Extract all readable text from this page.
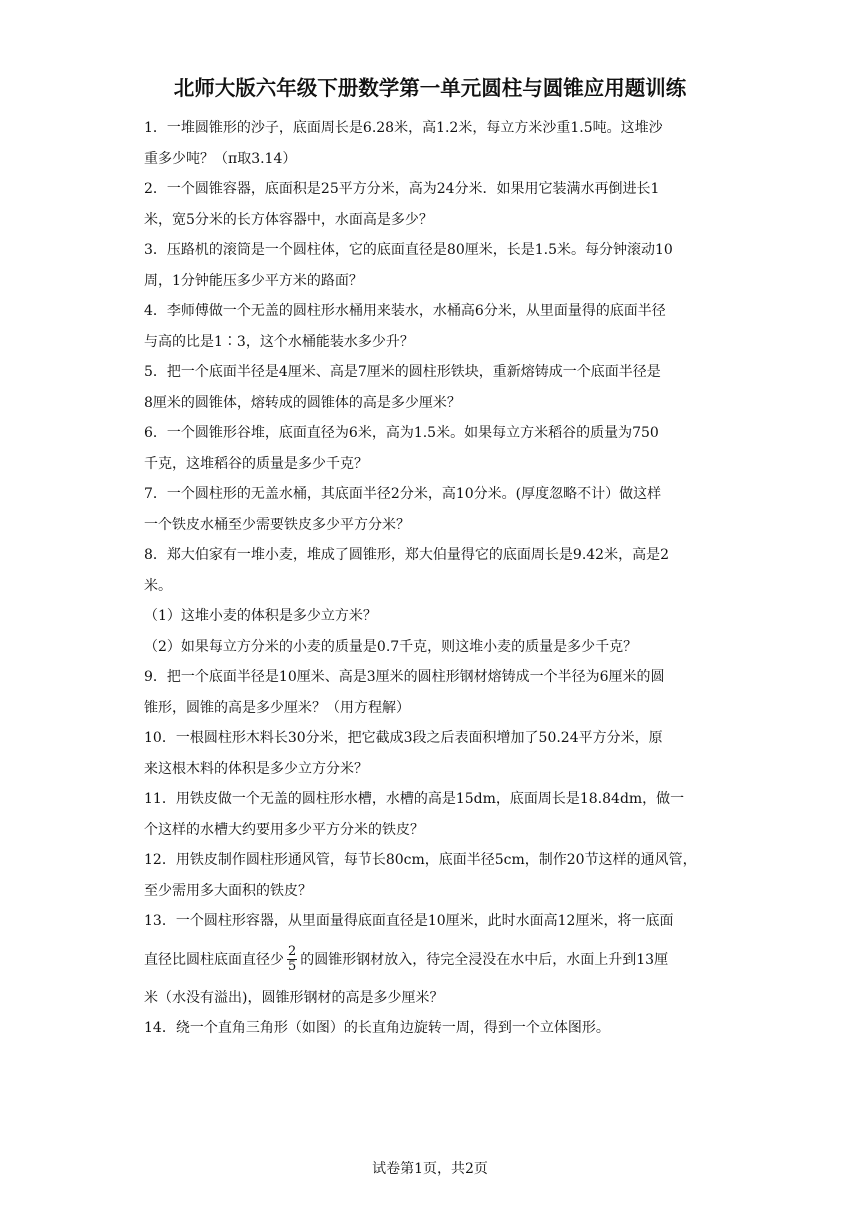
北师大版六年级下册数学第一单元圆柱与圆锥应用题训练
1．一堆圆锥形的沙子，底面周长是6.28米，高1.2米，每立方米沙重1.5吨。这堆沙
重多少吨？（π取3.14）
2．一个圆锥容器，底面积是25平方分米，高为24分米．如果用它装满水再倒进长1
米，宽5分米的长方体容器中，水面高是多少？
3．压路机的滚筒是一个圆柱体，它的底面直径是80厘米，长是1.5米。每分钟滚动10
周，1分钟能压多少平方米的路面？
4．李师傅做一个无盖的圆柱形水桶用来装水，水桶高6分米，从里面量得的底面半径
与高的比是1∶3，这个水桶能装水多少升？
5．把一个底面半径是4厘米、高是7厘米的圆柱形铁块，重新熔铸成一个底面半径是
8厘米的圆锥体，熔转成的圆锥体的高是多少厘米？
6．一个圆锥形谷堆，底面直径为6米，高为1.5米。如果每立方米稻谷的质量为750
千克，这堆稻谷的质量是多少千克？
7．一个圆柱形的无盖水桶，其底面半径2分米，高10分米。(厚度忽略不计）做这样
一个铁皮水桶至少需要铁皮多少平方分米？
8．郑大伯家有一堆小麦，堆成了圆锥形，郑大伯量得它的底面周长是9.42米，高是2
米。
（1）这堆小麦的体积是多少立方米？
（2）如果每立方分米的小麦的质量是0.7千克，则这堆小麦的质量是多少千克？
9．把一个底面半径是10厘米、高是3厘米的圆柱形钢材熔铸成一个半径为6厘米的圆
锥形，圆锥的高是多少厘米？（用方程解）
10．一根圆柱形木料长30分米，把它截成3段之后表面积增加了50.24平方分米，原
来这根木料的体积是多少立方分米？
11．用铁皮做一个无盖的圆柱形水槽，水槽的高是15dm，底面周长是18.84dm，做一
个这样的水槽大约要用多少平方分米的铁皮？
12．用铁皮制作圆柱形通风管，每节长80cm，底面半径5cm，制作20节这样的通风管，
至少需用多大面积的铁皮？
13．一个圆柱形容器，从里面量得底面直径是10厘米，此时水面高12厘米，将一底面
直径比圆柱底面直径少 $\frac{2}{5}$ 的圆锥形钢材放入，待完全浸没在水中后，水面上升到13厘
米（水没有溢出)，圆锥形钢材的高是多少厘米？
14．绕一个直角三角形（如图）的长直角边旋转一周，得到一个立体图形。
试卷第1页，共2页
